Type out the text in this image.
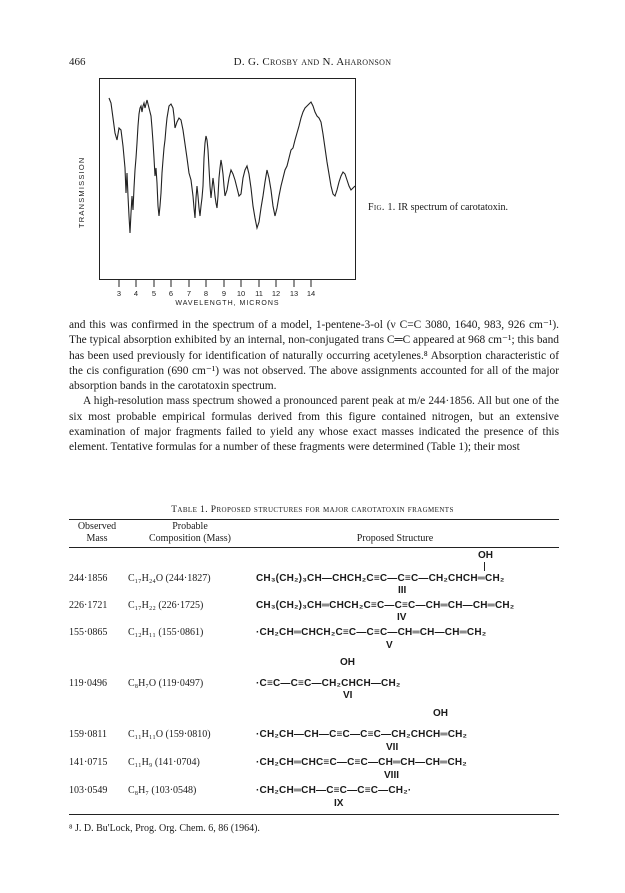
466	D. G. Crosby and N. Aharonson
3 4 5 6 7 8 9 10 11 12 13 14
TRANSMISSION
WAVELENGTH, MICRONS
Fig. 1. IR spectrum of carotatoxin.

and this was confirmed in the spectrum of a model, 1-pentene-3-ol (ν C=C 3080, 1640, 983, 926 cm⁻¹). The typical absorption exhibited by an internal, non-conjugated trans C═C appeared at 968 cm⁻¹; this band has been used previously for identification of naturally occurring acetylenes.⁸ Absorption characteristic of the cis configuration (690 cm⁻¹) was not observed. The above assignments accounted for all of the major absorption bands in the carotatoxin spectrum.

A high-resolution mass spectrum showed a pronounced parent peak at m/e 244·1856. All but one of the six most probable empirical formulas derived from this figure contained nitrogen, but an extensive examination of major fragments failed to yield any whose exact masses indicated the presence of this element. Tentative formulas for a number of these fragments were determined (Table 1); their most

Table 1. Proposed structures for major carotatoxin fragments
Observed
Mass
Probable
Composition (Mass)	Proposed Structure
OH
244·1856 C₁₇H₂₄O (244·1827)	CH₃(CH₂)₃CH—CHCH₂C≡C—C≡C—CH₂CHCH═CH₂
III
226·1721 C₁₇H₂₂ (226·1725)	CH₃(CH₂)₃CH═CHCH₂C≡C—C≡C—CH═CH—CH═CH₂
IV
155·0865 C₁₂H₁₁ (155·0861)	·CH₂CH═CHCH₂C≡C—C≡C—CH═CH—CH═CH₂
V
OH
119·0496 C₈H₇O (119·0497)	·C≡C—C≡C—CH₂CHCH—CH₂
VI
OH
159·0811 C₁₁H₁₁O (159·0810)	·CH₂CH—CH—C≡C—C≡C—CH₂CHCH═CH₂
VII
141·0715 C₁₁H₉ (141·0704)	·CH₂CH═CHC≡C—C≡C—CH═CH—CH═CH₂
VIII
103·0549 C₈H₇ (103·0548)	·CH₂CH═CH—C≡C—C≡C—CH₂·
IX
⁸ J. D. Bu'Lock, Prog. Org. Chem. 6, 86 (1964).
